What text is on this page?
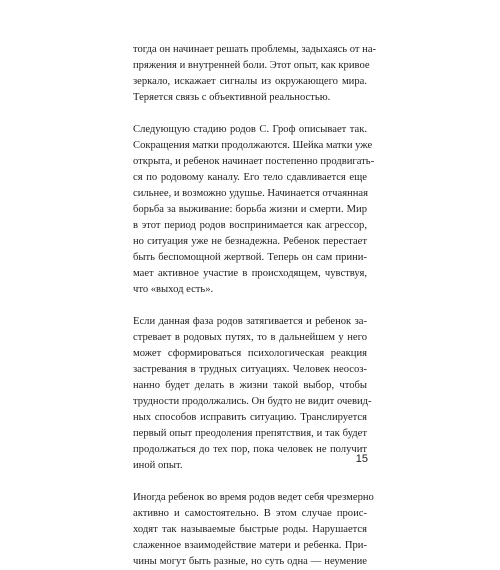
тогда он начинает решать проблемы, задыхаясь от на-
пряжения и внутренней боли. Этот опыт, как кривое
зеркало, искажает сигналы из окружающего мира.
Теряется связь с объективной реальностью.

Следующую стадию родов С. Гроф описывает так.
Сокращения матки продолжаются. Шейка матки уже
открыта, и ребенок начинает постепенно продвигать-
ся по родовому каналу. Его тело сдавливается еще
сильнее, и возможно удушье. Начинается отчаянная
борьба за выживание: борьба жизни и смерти. Мир
в этот период родов воспринимается как агрессор,
но ситуация уже не безнадежна. Ребенок перестает
быть беспомощной жертвой. Теперь он сам прини-
мает активное участие в происходящем, чувствуя,
что «выход есть».

Если данная фаза родов затягивается и ребенок за-
стревает в родовых путях, то в дальнейшем у него
может сформироваться психологическая реакция
застревания в трудных ситуациях. Человек неосоз-
нанно будет делать в жизни такой выбор, чтобы
трудности продолжались. Он будто не видит очевид-
ных способов исправить ситуацию. Транслируется
первый опыт преодоления препятствия, и так будет
продолжаться до тех пор, пока человек не получит
иной опыт.

Иногда ребенок во время родов ведет себя чрезмерно
активно и самостоятельно. В этом случае проис-
ходят так называемые быстрые роды. Нарушается
слаженное взаимодействие матери и ребенка. При-
чины могут быть разные, но суть одна — неумение

15
